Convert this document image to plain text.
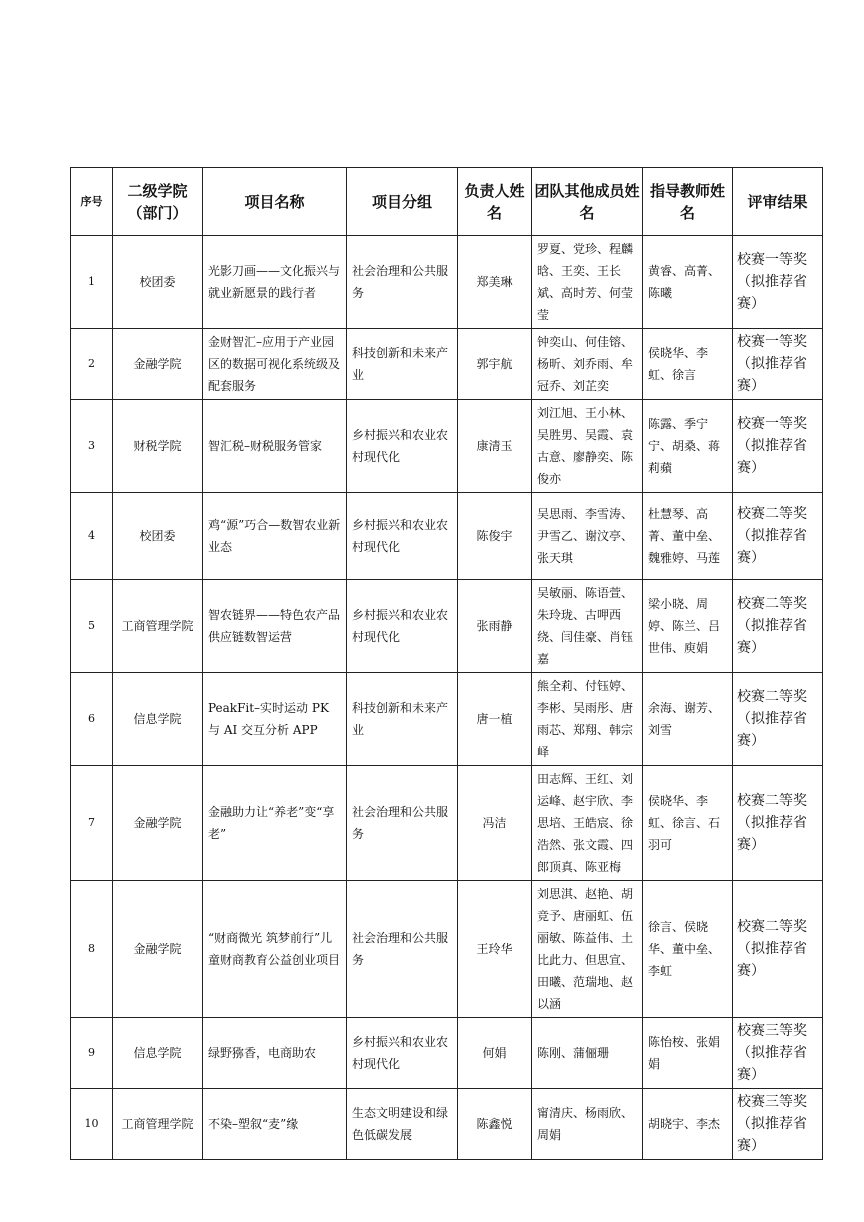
序号	二级学院（部门）	项目名称	项目分组	负责人姓名	团队其他成员姓名	指导教师姓名	评审结果
1	校团委	光影刀画——文化振兴与就业新愿景的践行者	社会治理和公共服务	郑美琳	罗夏、党珍、程麟晗、王奕、王长斌、高时芳、何莹莹	黄睿、高菁、陈曦	校赛一等奖（拟推荐省赛）
2	金融学院	金财智汇–应用于产业园区的数据可视化系统级及配套服务	科技创新和未来产业	郭宇航	钟奕山、何佳镕、杨昕、刘乔雨、牟冠乔、刘芷奕	侯晓华、李虹、徐言	校赛一等奖（拟推荐省赛）
3	财税学院	智汇税–财税服务管家	乡村振兴和农业农村现代化	康清玉	刘江旭、王小林、吴胜男、吴霞、袁古意、廖静奕、陈俊亦	陈露、季宁宁、胡桑、蒋莉蘋	校赛一等奖（拟推荐省赛）
4	校团委	鸡“源”巧合—数智农业新业态	乡村振兴和农业农村现代化	陈俊宇	吴思雨、李雪涛、尹雪乙、谢汶亭、张天琪	杜慧琴、高菁、董中垒、魏雅婷、马莲	校赛二等奖（拟推荐省赛）
5	工商管理学院	智农链界——特色农产品供应链数智运营	乡村振兴和农业农村现代化	张雨静	吴敏丽、陈语萱、朱玲珑、古呷西绕、闫佳豪、肖钰嘉	梁小晓、周婷、陈兰、吕世伟、庾娟	校赛二等奖（拟推荐省赛）
6	信息学院	PeakFit–实时运动 PK 与 AI 交互分析 APP	科技创新和未来产业	唐一植	熊全莉、付钰婷、李彬、吴雨彤、唐雨芯、郑翔、韩宗峄	余海、谢芳、刘雪	校赛二等奖（拟推荐省赛）
7	金融学院	金融助力让“养老”变“享老”	社会治理和公共服务	冯洁	田志辉、王红、刘运峰、赵宇欣、李思培、王皓宸、徐浩然、张文霞、四郎顶真、陈亚梅	侯晓华、李虹、徐言、石羽可	校赛二等奖（拟推荐省赛）
8	金融学院	“财商微光 筑梦前行”儿童财商教育公益创业项目	社会治理和公共服务	王玲华	刘思淇、赵艳、胡竞予、唐丽虹、伍丽敏、陈益伟、土比此力、但思宣、田曦、范瑞地、赵以涵	徐言、侯晓华、董中垒、李虹	校赛二等奖（拟推荐省赛）
9	信息学院	绿野猕香，电商助农	乡村振兴和农业农村现代化	何娟	陈刚、蒲俪珊	陈怡桉、张娟娟	校赛三等奖（拟推荐省赛）
10	工商管理学院	不染–塑叙“麦”缘	生态文明建设和绿色低碳发展	陈鑫悦	甯清庆、杨雨欣、周娟	胡晓宇、李杰	校赛三等奖（拟推荐省赛）
